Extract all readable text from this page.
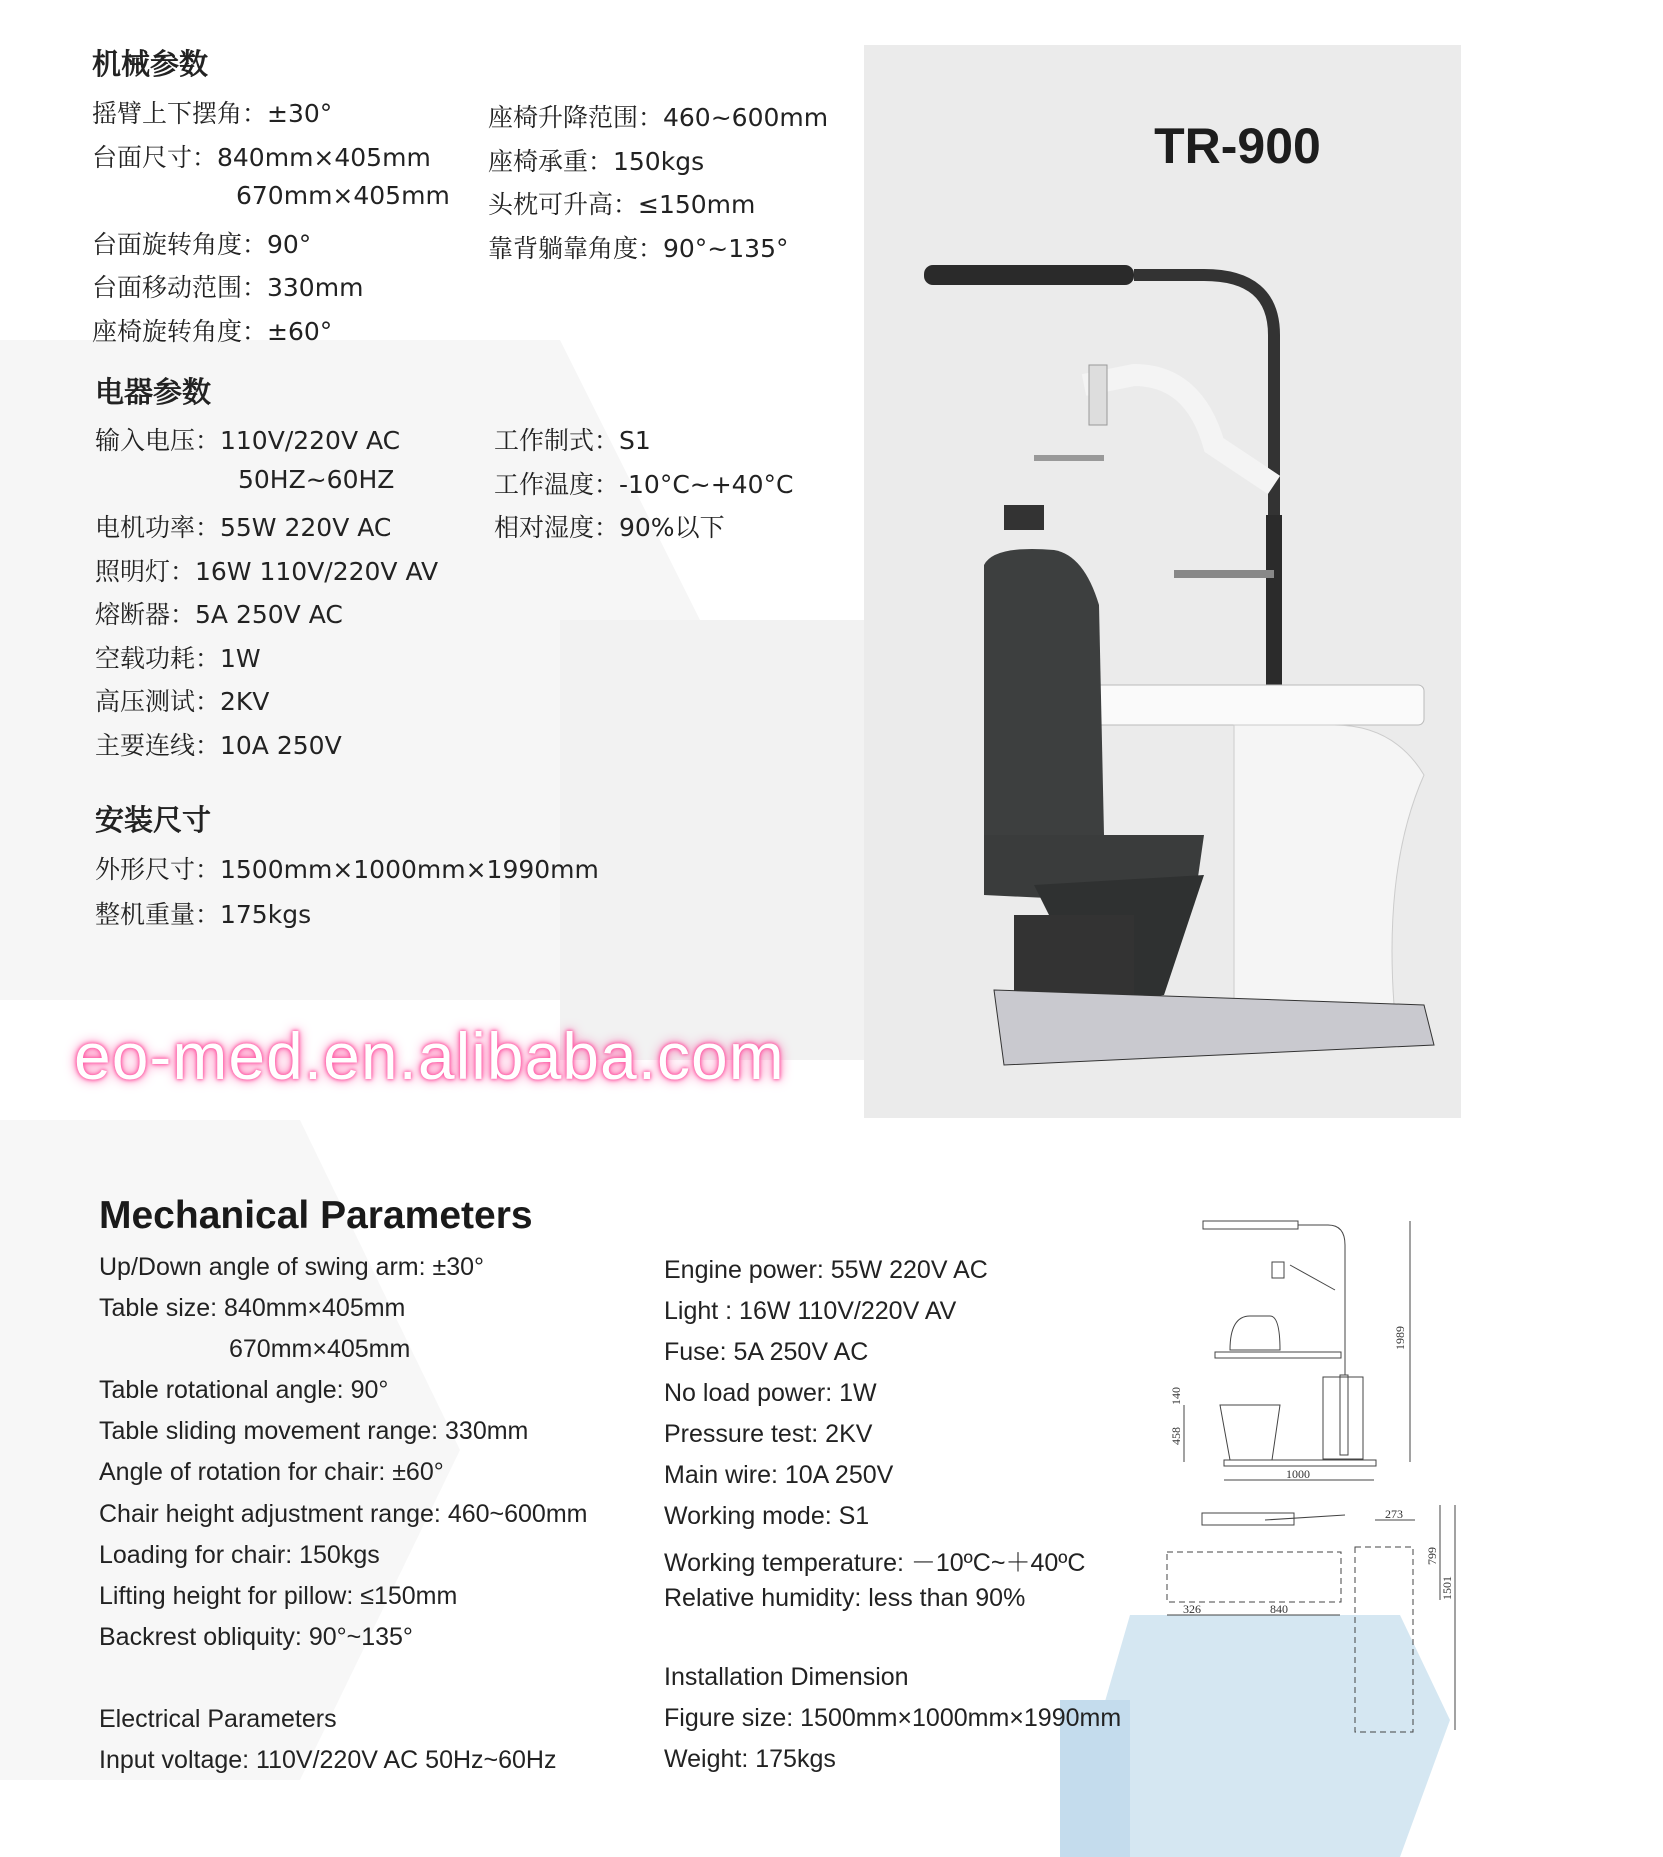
机械参数
摇臂上下摆角：±30°
台面尺寸：840mm×405mm
670mm×405mm
台面旋转角度：90°
台面移动范围：330mm
座椅旋转角度：±60°
座椅升降范围：460~600mm
座椅承重：150kgs
头枕可升高：≤150mm
靠背躺靠角度：90°~135°
电器参数
输入电压：110V/220V AC
50HZ~60HZ
电机功率：55W 220V AC
照明灯：16W 110V/220V AV
熔断器：5A 250V AC
空载功耗：1W
高压测试：2KV
主要连线：10A 250V
工作制式：S1
工作温度：-10°C~+40°C
相对湿度：90%以下
安装尺寸
外形尺寸：1500mm×1000mm×1990mm
整机重量：175kgs
eo-med.en.alibaba.com
TR-900
Mechanical Parameters
Up/Down angle of swing arm: ±30°
Table size: 840mm×405mm
670mm×405mm
Table rotational angle: 90°
Table sliding movement range: 330mm
Angle of rotation for chair: ±60°
Chair height adjustment range: 460~600mm
Loading for chair: 150kgs
Lifting height for pillow: ≤150mm
Backrest obliquity: 90°~135°
Electrical Parameters
Input voltage: 110V/220V AC 50Hz~60Hz
Engine power: 55W 220V AC
Light : 16W 110V/220V AV
Fuse: 5A 250V AC
No load power: 1W
Pressure test: 2KV
Main wire: 10A 250V
Working mode: S1
Working temperature: －10ºC~＋40ºC
Relative humidity: less than 90%
Installation Dimension
Figure size: 1500mm×1000mm×1990mm
Weight: 175kgs
1989
140
458
1000
273
799
1501
326	840
